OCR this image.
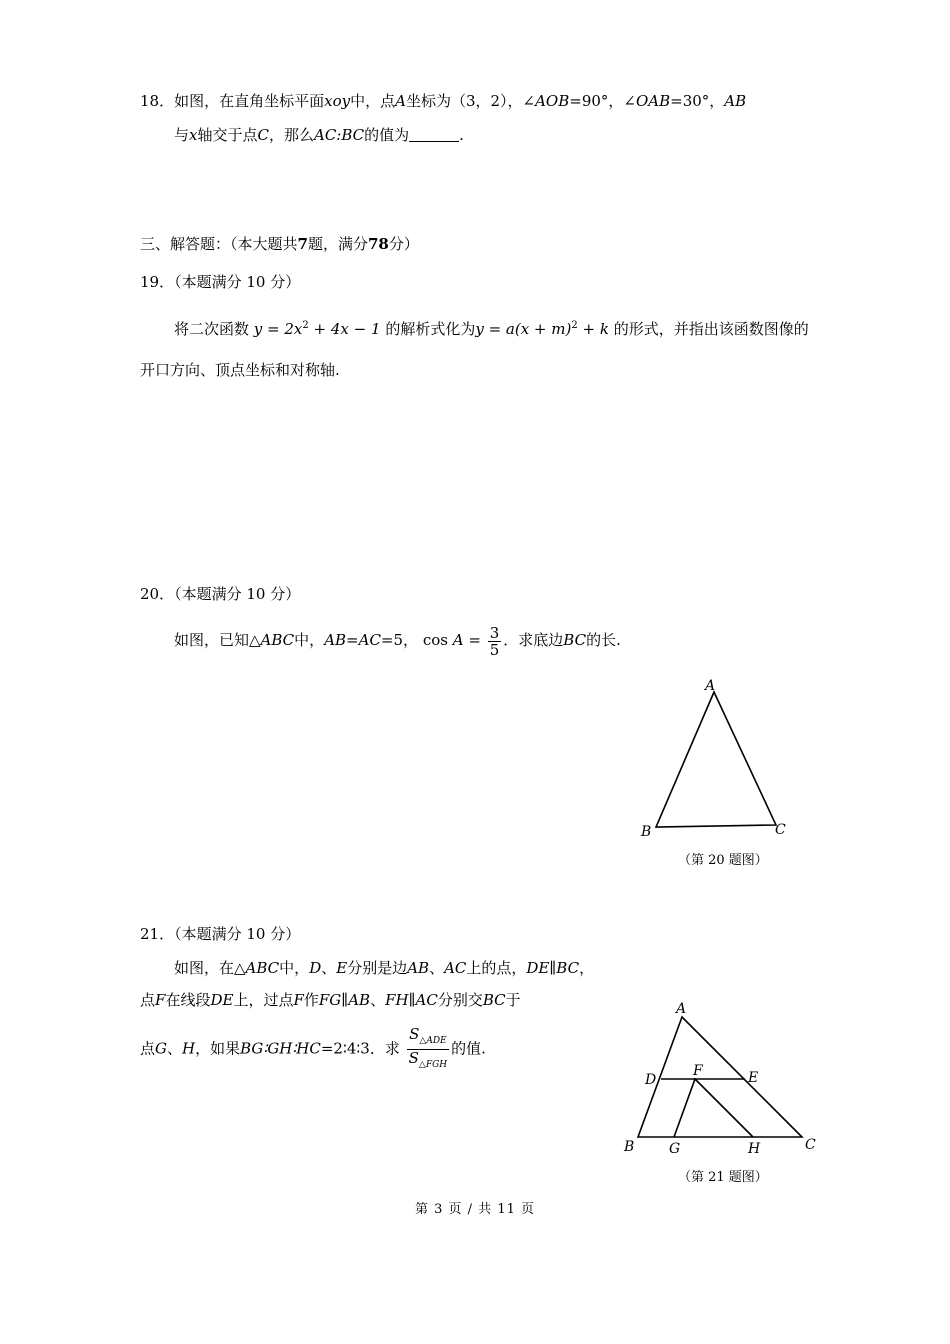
18．如图，在直角坐标平面xoy中，点A坐标为（3，2），∠AOB=90°，∠OAB=30°，AB
与x轴交于点C，那么AC:BC的值为	.
三、解答题：（本大题共7题，满分78分）
19．（本题满分 10 分）
将二次函数 $y = 2x^2 + 4x - 1$ 的解析式化为$y = a(x + m)^2 + k$ 的形式，并指出该函数图像的
开口方向、顶点坐标和对称轴.
20．（本题满分 10 分）
如图，已知△ABC中，AB=AC=5， $\cos A = \frac{3}{5}$ ．求底边BC的长.
A
B	C
（第 20 题图）
21．（本题满分 10 分）
如图，在△ABC中，D、E分别是边AB、AC上的点，DE∥BC，
点F在线段DE上，过点F作FG∥AB、FH∥AC分别交BC于
点G、H，如果BG∶GH∶HC=2∶4∶3．求 $\frac{S_{\triangle ADE}}{S_{\triangle FGH}}$ 的值.
A
B	C
D	E
F
G	H
（第 21 题图）
第 3 页 / 共 11 页
